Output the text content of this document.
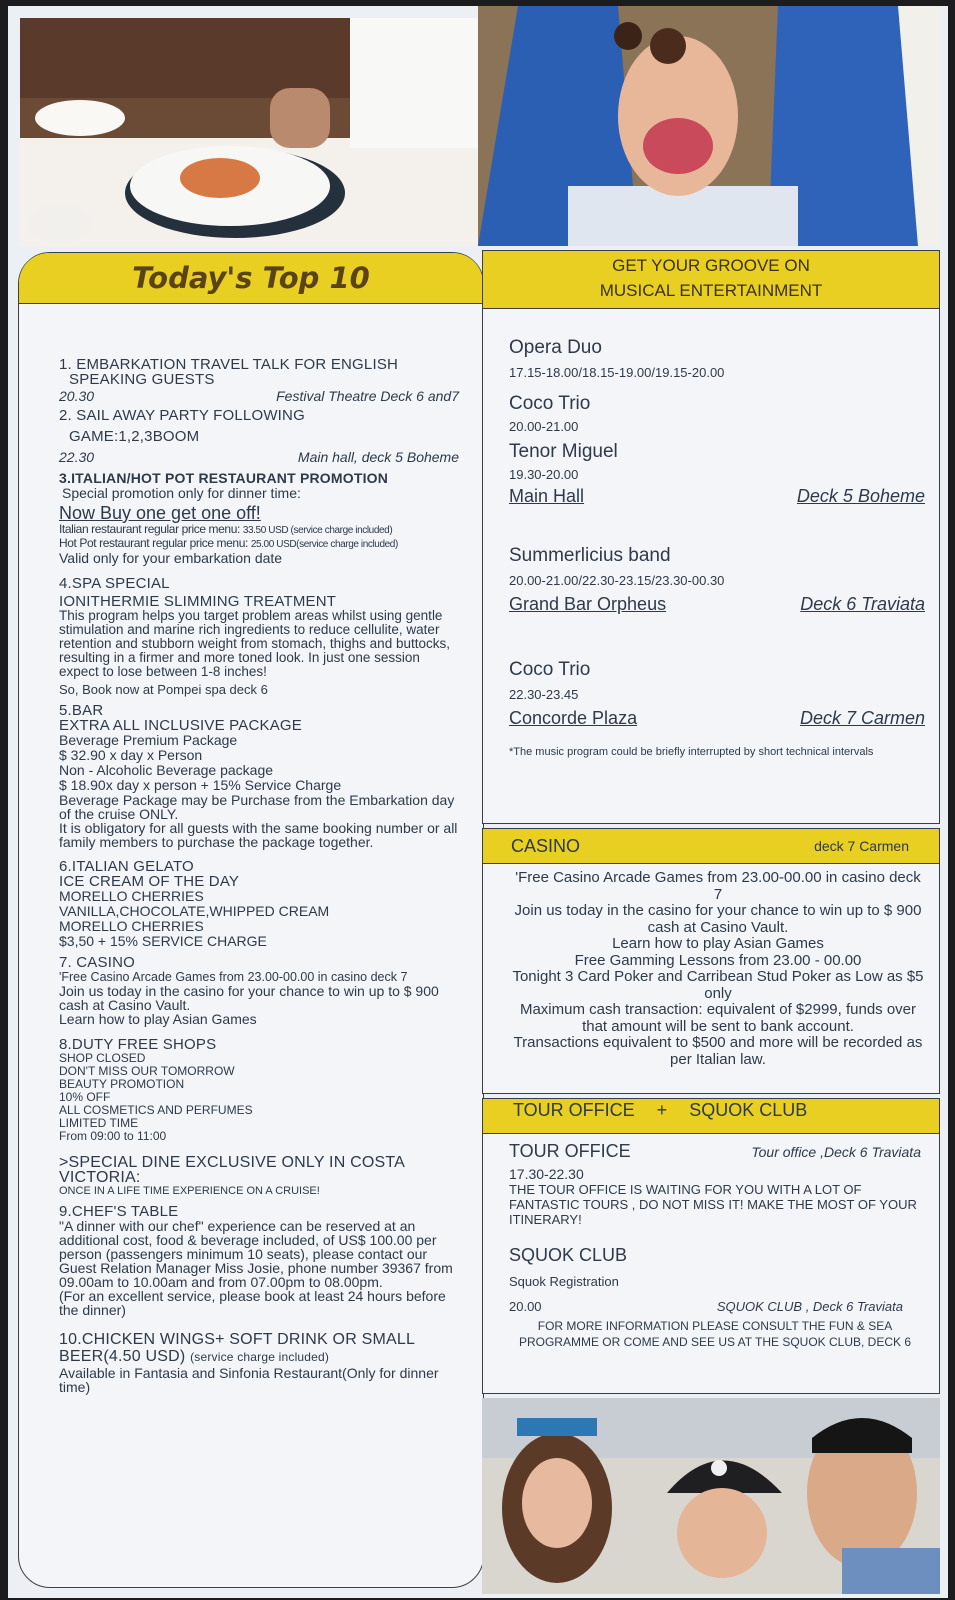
Today's Top 10
1. EMBARKATION TRAVEL TALK FOR ENGLISH
SPEAKING GUESTS
20.30	Festival Theatre Deck 6 and7
2. SAIL AWAY PARTY FOLLOWING
GAME:1,2,3BOOM
22.30	Main hall, deck 5 Boheme
3.ITALIAN/HOT POT RESTAURANT PROMOTION
Special promotion only for dinner time:
Now Buy one get one off!
Italian restaurant regular price menu: 33.50 USD (service charge included)
Hot Pot restaurant regular price menu: 25.00 USD(service charge included)
Valid only for your embarkation date
4.SPA SPECIAL
IONITHERMIE SLIMMING TREATMENT
This program helps you target problem areas whilst using gentle stimulation and marine rich ingredients to reduce cellulite, water retention and stubborn weight from stomach, thighs and buttocks, resulting in a firmer and more toned look. In just one session expect to lose between 1-8 inches!
So, Book now at Pompei spa deck 6
5.BAR
EXTRA ALL INCLUSIVE PACKAGE
Beverage Premium Package
$ 32.90 x day x Person
Non - Alcoholic Beverage package
$ 18.90x day x person + 15% Service Charge
Beverage Package may be Purchase from the Embarkation day of the cruise ONLY.
It is obligatory for all guests with the same booking number or all family members to purchase the package together.
6.ITALIAN GELATO
ICE CREAM OF THE DAY
MORELLO CHERRIES
VANILLA,CHOCOLATE,WHIPPED CREAM
MORELLO CHERRIES
$3,50 + 15% SERVICE CHARGE
7. CASINO
'Free Casino Arcade Games from 23.00-00.00 in casino deck 7
Join us today in the casino for your chance to win up to $ 900 cash at Casino Vault.
Learn how to play Asian Games
8.DUTY FREE SHOPS
SHOP CLOSED
DON'T MISS OUR TOMORROW
BEAUTY PROMOTION
10% OFF
ALL COSMETICS AND PERFUMES
LIMITED TIME
From 09:00 to 11:00
>SPECIAL DINE EXCLUSIVE ONLY IN COSTA VICTORIA:
ONCE IN A LIFE TIME EXPERIENCE ON A CRUISE!
9.CHEF'S TABLE
"A dinner with our chef" experience can be reserved at an additional cost, food & beverage included, of US$ 100.00 per person (passengers minimum 10 seats), please contact our Guest Relation Manager Miss Josie, phone number 39367 from 09.00am to 10.00am and from 07.00pm to 08.00pm.
(For an excellent service, please book at least 24 hours before the dinner)
10.CHICKEN WINGS+ SOFT DRINK OR SMALL BEER(4.50 USD) (service charge included)
Available in Fantasia and Sinfonia Restaurant(Only for dinner time)
GET YOUR GROOVE ON
MUSICAL ENTERTAINMENT
Opera Duo
17.15-18.00/18.15-19.00/19.15-20.00
Coco Trio
20.00-21.00
Tenor Miguel
19.30-20.00
Main Hall	Deck 5 Boheme
Summerlicius band
20.00-21.00/22.30-23.15/23.30-00.30
Grand Bar Orpheus	Deck 6 Traviata
Coco Trio
22.30-23.45
Concorde Plaza	Deck 7 Carmen
*The music program could be briefly interrupted by short technical intervals
CASINO	deck 7 Carmen
'Free Casino Arcade Games from 23.00-00.00 in casino deck 7
Join us today in the casino for your chance to win up to $ 900 cash at Casino Vault.
Learn how to play Asian Games
Free Gamming Lessons from 23.00 - 00.00
Tonight 3 Card Poker and Carribean Stud Poker as Low as $5 only
Maximum cash transaction: equivalent of $2999, funds over that amount will be sent to bank account.
Transactions equivalent to $500 and more will be recorded as per Italian law.
TOUR OFFICE + SQUOK CLUB
TOUR OFFICE	Tour office ,Deck 6 Traviata
17.30-22.30
THE TOUR OFFICE IS WAITING FOR YOU WITH A LOT OF FANTASTIC TOURS , DO NOT MISS IT! MAKE THE MOST OF YOUR ITINERARY!
SQUOK CLUB
Squok Registration
20.00	SQUOK CLUB , Deck 6 Traviata
FOR MORE INFORMATION PLEASE CONSULT THE FUN & SEA PROGRAMME OR COME AND SEE US AT THE SQUOK CLUB, DECK 6
